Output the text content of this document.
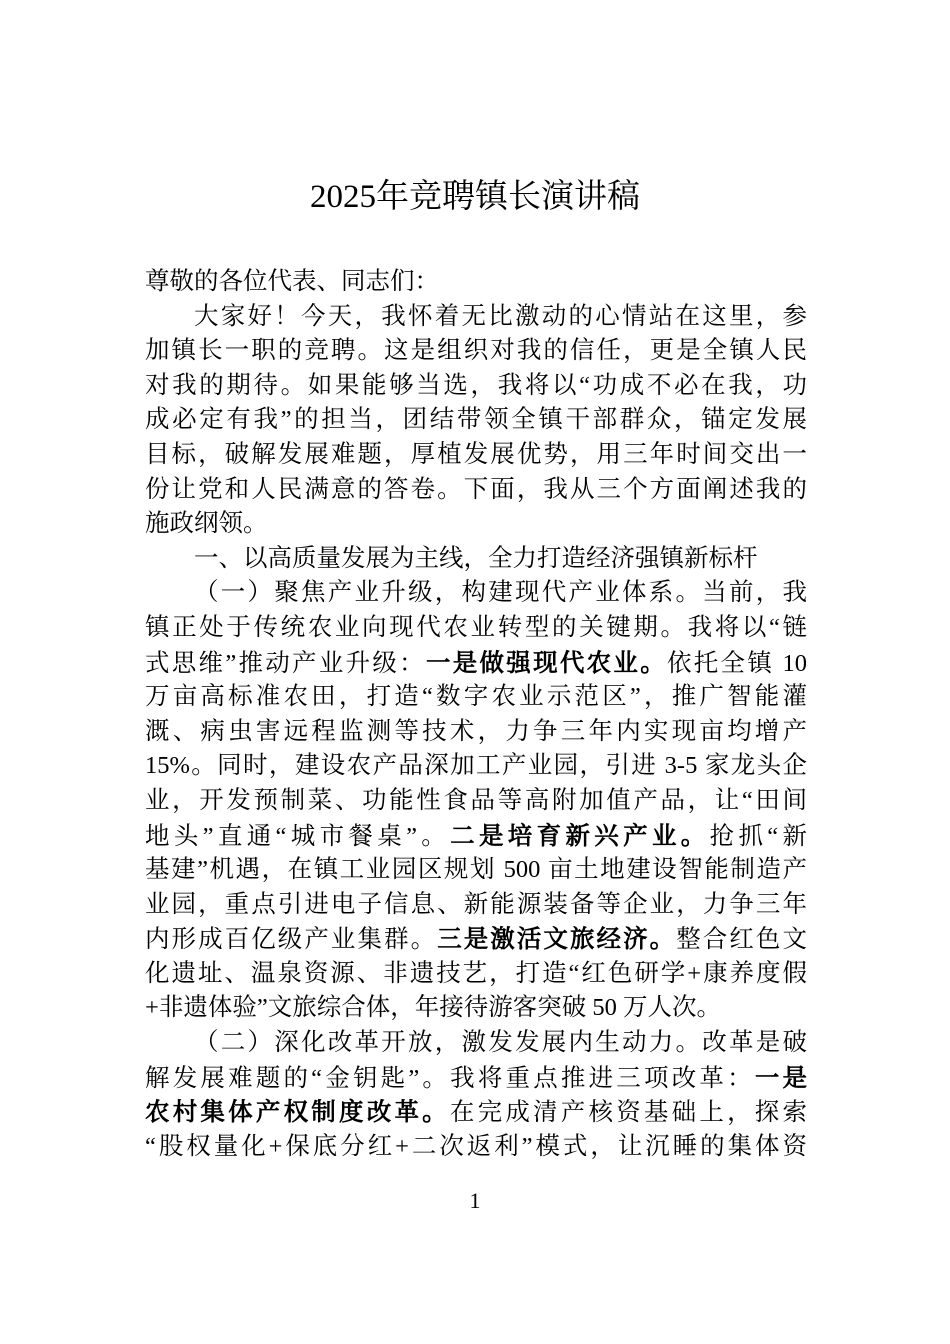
2025年竞聘镇长演讲稿
尊敬的各位代表、同志们：
大家好！今天，我怀着无比激动的心情站在这里，参
加镇长一职的竞聘。这是组织对我的信任，更是全镇人民
对我的期待。如果能够当选，我将以“功成不必在我，功
成必定有我”的担当，团结带领全镇干部群众，锚定发展
目标，破解发展难题，厚植发展优势，用三年时间交出一
份让党和人民满意的答卷。下面，我从三个方面阐述我的
施政纲领。
一、以高质量发展为主线，全力打造经济强镇新标杆
（一）聚焦产业升级，构建现代产业体系。当前，我
镇正处于传统农业向现代农业转型的关键期。我将以“链
式思维”推动产业升级：一是做强现代农业。依托全镇 10
万亩高标准农田，打造“数字农业示范区”，推广智能灌
溉、病虫害远程监测等技术，力争三年内实现亩均增产
15%。同时，建设农产品深加工产业园，引进 3-5 家龙头企
业，开发预制菜、功能性食品等高附加值产品，让“田间
地头”直通“城市餐桌”。二是培育新兴产业。抢抓“新
基建”机遇，在镇工业园区规划 500 亩土地建设智能制造产
业园，重点引进电子信息、新能源装备等企业，力争三年
内形成百亿级产业集群。三是激活文旅经济。整合红色文
化遗址、温泉资源、非遗技艺，打造“红色研学+康养度假
+非遗体验”文旅综合体，年接待游客突破 50 万人次。
（二）深化改革开放，激发发展内生动力。改革是破
解发展难题的“金钥匙”。我将重点推进三项改革：一是
农村集体产权制度改革。在完成清产核资基础上，探索
“股权量化+保底分红+二次返利”模式，让沉睡的集体资
1
